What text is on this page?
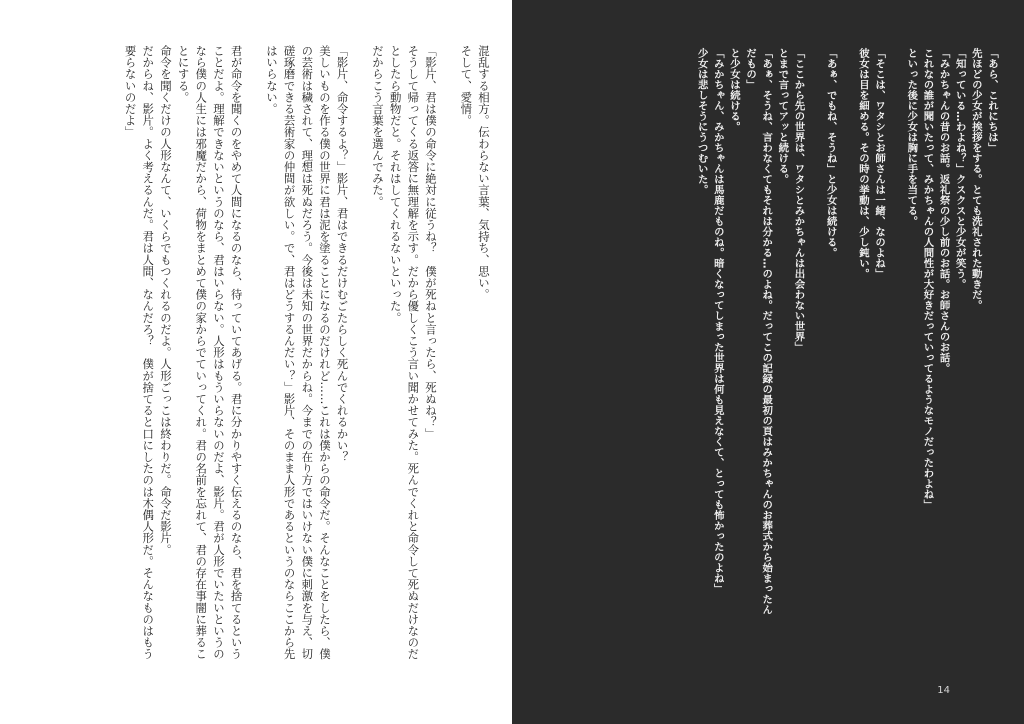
混乱する相方。伝わらない言葉、気持ち、思い。
そして、愛情。

「影片、君は僕の命令に絶対に従うね？　僕が死ねと言ったら、死ぬね？」
そうして帰ってくる返答に無理解を示す。だから優しくこう言い聞かせてみた。死んでくれと命令して死ぬだけなのだとしたら動物だと。それはしてくれるないといった。
だからこう言葉を選んでみた。

「影片、命令するよ？」影片、君はできるだけむごたらしく死んでくれるかい？
美しいものを作る僕の世界に君は泥を塗ることになるのだけれど……これは僕からの命令だ。そんなことをしたら、僕の芸術は穢されて、理想は死ぬだろう。今後は未知の世界だからね。今までの在り方ではいけない僕に刺激を与え、切磋琢磨できる芸術家の仲間が欲しい。で、君はどうするんだい？」影片、そのまま人形であるというのならここから先はいらない。

君が命令を聞くのをやめて人間になるのなら、待っていてあげる。君に分かりやすく伝えるのなら、君を捨てるということだよ。理解できないというのなら、君はいらない。人形はもういらないのだよ、影片。君が人形でいたいというのなら僕の人生には邪魔だから、荷物をまとめて僕の家からでていってくれ。君の名前を忘れて、君の存在事闇に葬ることにする。
命令を聞くだけの人形なんて、いくらでもつくれるのだよ。人形ごっこは終わりだ。命令だ影片。
だからね、影片。よく考えるんだ。君は人間、なんだろ？　僕が捨てると口にしたのは木偶人形だ。そんなものはもう要らないのだよ」	「あら、これにちは」
先ほどの少女が挨拶をする。とても洗礼された動きだ。
「知っている…わよね？」クスクスと少女が笑う。
「みかちゃんの昔のお話。返礼祭の少し前のお話。お師さんのお話。
これなの誰が聞いたって、みかちゃんの人間性が大好きだっていってるようなモノだったわよね」
といった後に少女は胸に手を当てる。

「そこは、ワタシとお師さんは一緒、なのよね」
彼女は目を細める。その時の挙動は、少し鈍い。

「あぁ、でもね、そうね」と少女は続ける。

「ここから先の世界は、ワタシとみかちゃんは出会わない世界」
とまで言ってアッと続ける。
「あぁ、そうね、言わなくてもそれは分かる…のよね。だってこの記録の最初の頁はみかちゃんのお葬式から始まったんだもの」
と少女は続ける。
「みかちゃん、みかちゃんは馬鹿だものね。暗くなってしまった世界は何も見えなくて、とっても怖かったのよね」
少女は悲しそうにうつむいた。
14
